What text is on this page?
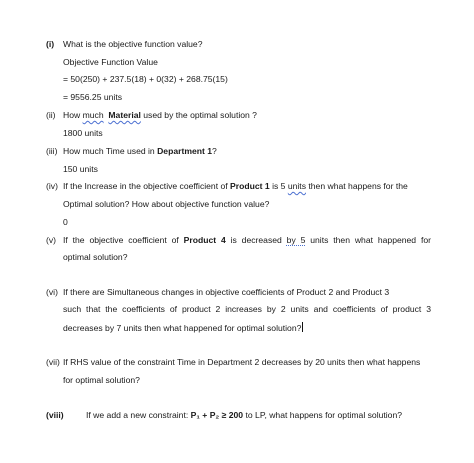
(i) What is the objective function value?
Objective Function Value
= 50(250) + 237.5(18) + 0(32) + 268.75(15)
= 9556.25 units
(ii) How much Material used by the optimal solution ?
1800 units
(iii) How much Time used in Department 1?
150 units
(iv) If the Increase in the objective coefficient of Product 1 is 5 units then what happens for the
Optimal solution? How about objective function value?
0
(v) If the objective coefficient of Product 4 is decreased by 5 units then what happened for
optimal solution?
(vi) If there are Simultaneous changes in objective coefficients of Product 2 and Product 3
such that the coefficients of product 2 increases by 2 units and coefficients of product 3
decreases by 7 units then what happened for optimal solution?
(vii) If RHS value of the constraint Time in Department 2 decreases by 20 units then what happens
for optimal solution?
(viii)	If we add a new constraint: P₁ + P₂ ≥ 200 to LP, what happens for optimal solution?
